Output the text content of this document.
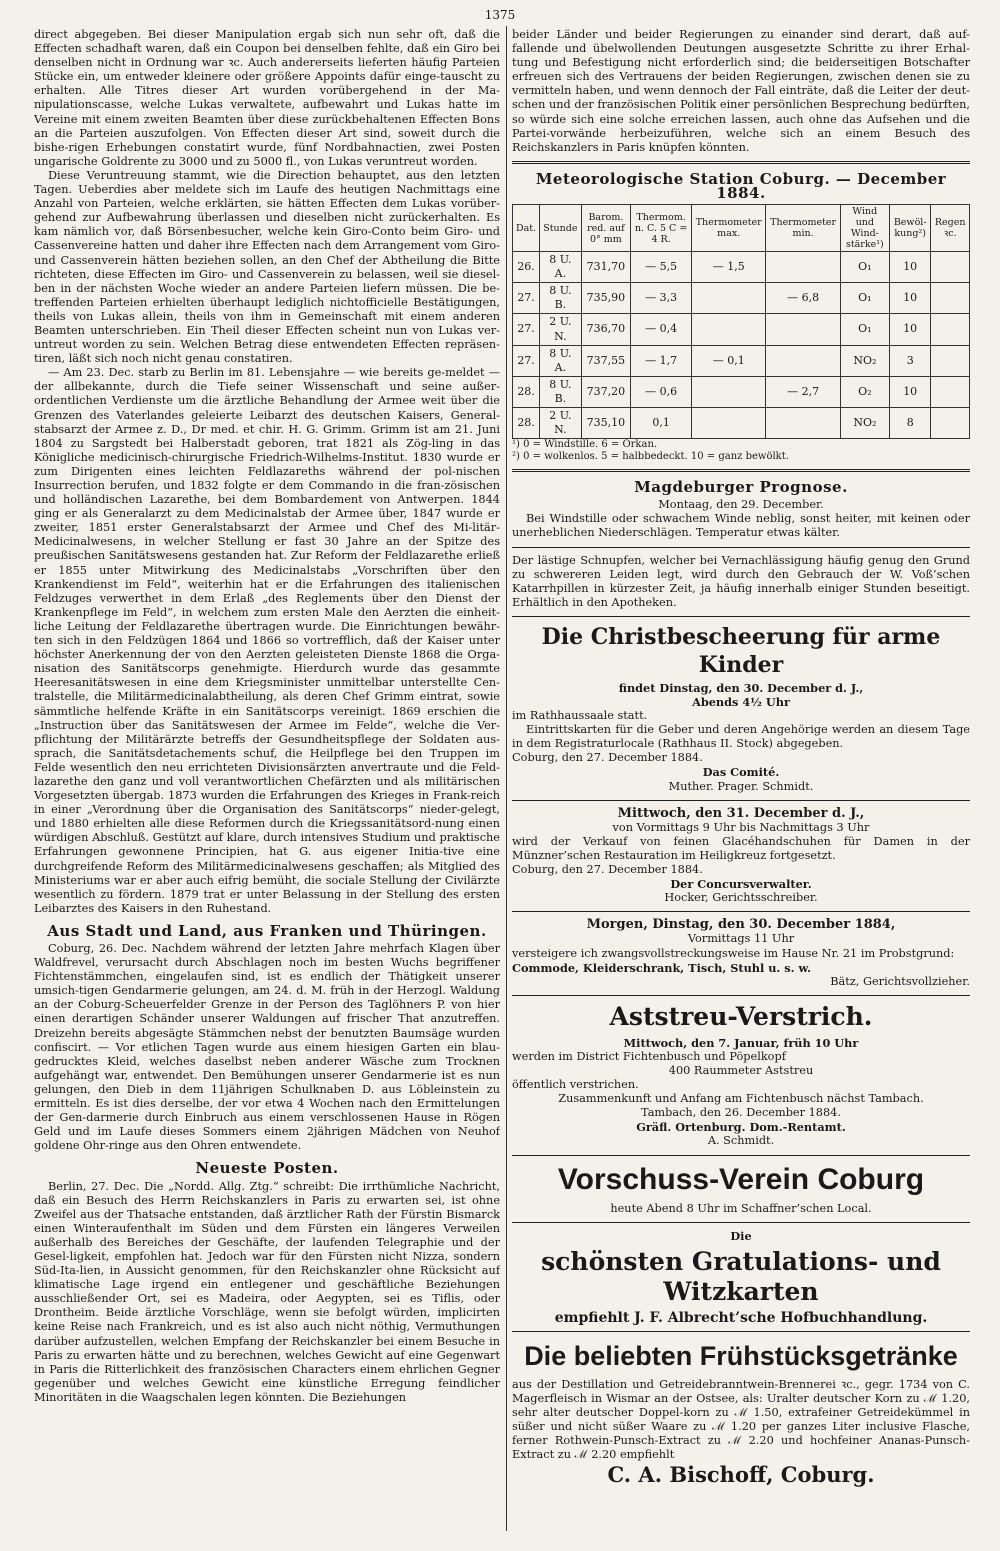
1375

direct abgegeben. Bei dieser Manipulation ergab sich nun sehr oft, daß die Effecten schadhaft waren, daß ein Coupon bei denselben fehlte, daß ein Giro bei denselben nicht in Ordnung war ꝛc. Auch andererseits lieferten häufig Parteien Stücke ein, um entweder kleinere oder größere Appoints dafür einge-tauscht zu erhalten. Alle Titres dieser Art wurden vorübergehend in der Ma-nipulationscasse, welche Lukas verwaltete, aufbewahrt und Lukas hatte im Vereine mit einem zweiten Beamten über diese zurückbehaltenen Effecten Bons an die Parteien auszufolgen. Von Effecten dieser Art sind, soweit durch die bishe-rigen Erhebungen constatirt wurde, fünf Nordbahnactien, zwei Posten ungarische Goldrente zu 3000 und zu 5000 fl., von Lukas veruntreut worden.

Diese Veruntreuung stammt, wie die Direction behauptet, aus den letzten Tagen. Ueberdies aber meldete sich im Laufe des heutigen Nachmittags eine Anzahl von Parteien, welche erklärten, sie hätten Effecten dem Lukas vorüber-gehend zur Aufbewahrung überlassen und dieselben nicht zurückerhalten. Es kam nämlich vor, daß Börsenbesucher, welche kein Giro-Conto beim Giro- und Cassenvereine hatten und daher ihre Effecten nach dem Arrangement vom Giro- und Cassenverein hätten beziehen sollen, an den Chef der Abtheilung die Bitte richteten, diese Effecten im Giro- und Cassenverein zu belassen, weil sie diesel-ben in der nächsten Woche wieder an andere Parteien liefern müssen. Die be-treffenden Parteien erhielten überhaupt lediglich nichtofficielle Bestätigungen, theils von Lukas allein, theils von ihm in Gemeinschaft mit einem anderen Beamten unterschrieben. Ein Theil dieser Effecten scheint nun von Lukas ver-untreut worden zu sein. Welchen Betrag diese entwendeten Effecten repräsen-tiren, läßt sich noch nicht genau constatiren.

— Am 23. Dec. starb zu Berlin im 81. Lebensjahre — wie bereits ge-meldet — der allbekannte, durch die Tiefe seiner Wissenschaft und seine außer-ordentlichen Verdienste um die ärztliche Behandlung der Armee weit über die Grenzen des Vaterlandes geleierte Leibarzt des deutschen Kaisers, General-stabsarzt der Armee z. D., Dr med. et chir. H. G. Grimm. Grimm ist am 21. Juni 1804 zu Sargstedt bei Halberstadt geboren, trat 1821 als Zög-ling in das Königliche medicinisch-chirurgische Friedrich-Wilhelms-Institut. 1830 wurde er zum Dirigenten eines leichten Feldlazareths während der pol-nischen Insurrection berufen, und 1832 folgte er dem Commando in die fran-zösischen und holländischen Lazarethe, bei dem Bombardement von Antwerpen. 1844 ging er als Generalarzt zu dem Medicinalstab der Armee über, 1847 wurde er zweiter, 1851 erster Generalstabsarzt der Armee und Chef des Mi-litär-Medicinalwesens, in welcher Stellung er fast 30 Jahre an der Spitze des preußischen Sanitätswesens gestanden hat. Zur Reform der Feldlazarethe erließ er 1855 unter Mitwirkung des Medicinalstabs „Vorschriften über den Krankendienst im Feld“, weiterhin hat er die Erfahrungen des italienischen Feldzuges verwerthet in dem Erlaß „des Reglements über den Dienst der Krankenpflege im Feld“, in welchem zum ersten Male den Aerzten die einheit-liche Leitung der Feldlazarethe übertragen wurde. Die Einrichtungen bewähr-ten sich in den Feldzügen 1864 und 1866 so vortrefflich, daß der Kaiser unter höchster Anerkennung der von den Aerzten geleisteten Dienste 1868 die Orga-nisation des Sanitätscorps genehmigte. Hierdurch wurde das gesammte Heeresanitätswesen in eine dem Kriegsminister unmittelbar unterstellte Cen-tralstelle, die Militärmedicinalabtheilung, als deren Chef Grimm eintrat, sowie sämmtliche helfende Kräfte in ein Sanitätscorps vereinigt. 1869 erschien die „Instruction über das Sanitätswesen der Armee im Felde“, welche die Ver-pflichtung der Militärärzte betreffs der Gesundheitspflege der Soldaten aus-sprach, die Sanitätsdetachements schuf, die Heilpflege bei den Truppen im Felde wesentlich den neu errichteten Divisionsärzten anvertraute und die Feld-lazarethe den ganz und voll verantwortlichen Chefärzten und als militärischen Vorgesetzten übergab. 1873 wurden die Erfahrungen des Krieges in Frank-reich in einer „Verordnung über die Organisation des Sanitätscorps“ nieder-gelegt, und 1880 erhielten alle diese Reformen durch die Kriegssanitätsord-nung einen würdigen Abschluß. Gestützt auf klare, durch intensives Studium und praktische Erfahrungen gewonnene Principien, hat G. aus eigener Initia-tive eine durchgreifende Reform des Militärmedicinalwesens geschaffen; als Mitglied des Ministeriums war er aber auch eifrig bemüht, die sociale Stellung der Civilärzte wesentlich zu fördern. 1879 trat er unter Belassung in der Stellung des ersten Leibarztes des Kaisers in den Ruhestand.

Aus Stadt und Land, aus Franken und Thüringen.

Coburg, 26. Dec. Nachdem während der letzten Jahre mehrfach Klagen über Waldfrevel, verursacht durch Abschlagen noch im besten Wuchs begriffener Fichtenstämmchen, eingelaufen sind, ist es endlich der Thätigkeit unserer umsich-tigen Gendarmerie gelungen, am 24. d. M. früh in der Herzogl. Waldung an der Coburg-Scheuerfelder Grenze in der Person des Taglöhners P. von hier einen derartigen Schänder unserer Waldungen auf frischer That anzutreffen. Dreizehn bereits abgesägte Stämmchen nebst der benutzten Baumsäge wurden confiscirt. — Vor etlichen Tagen wurde aus einem hiesigen Garten ein blau-gedrucktes Kleid, welches daselbst neben anderer Wäsche zum Trocknen aufgehängt war, entwendet. Den Bemühungen unserer Gendarmerie ist es nun gelungen, den Dieb in dem 11jährigen Schulknaben D. aus Löbleinstein zu ermitteln. Es ist dies derselbe, der vor etwa 4 Wochen nach den Ermittelungen der Gen-darmerie durch Einbruch aus einem verschlossenen Hause in Rögen Geld und im Laufe dieses Sommers einem 2jährigen Mädchen von Neuhof goldene Ohr-ringe aus den Ohren entwendete.

Neueste Posten.

Berlin, 27. Dec. Die „Nordd. Allg. Ztg.“ schreibt: Die irrthümliche Nachricht, daß ein Besuch des Herrn Reichskanzlers in Paris zu erwarten sei, ist ohne Zweifel aus der Thatsache entstanden, daß ärztlicher Rath der Fürstin Bismarck einen Winteraufenthalt im Süden und dem Fürsten ein längeres Verweilen außerhalb des Bereiches der Geschäfte, der laufenden Telegraphie und der Gesel-ligkeit, empfohlen hat. Jedoch war für den Fürsten nicht Nizza, sondern Süd-Ita-lien, in Aussicht genommen, für den Reichskanzler ohne Rücksicht auf klimatische Lage irgend ein entlegener und geschäftliche Beziehungen ausschließender Ort, sei es Madeira, oder Aegypten, sei es Tiflis, oder Drontheim. Beide ärztliche Vorschläge, wenn sie befolgt würden, implicirten keine Reise nach Frankreich, und es ist also auch nicht nöthig, Vermuthungen darüber aufzustellen, welchen Empfang der Reichskanzler bei einem Besuche in Paris zu erwarten hätte und zu berechnen, welches Gewicht auf eine Gegenwart in Paris die Ritterlichkeit des französischen Characters einem ehrlichen Gegner gegenüber und welches Gewicht eine künstliche Erregung feindlicher Minoritäten in die Waagschalen legen könnten. Die Beziehungen

beider Länder und beider Regierungen zu einander sind derart, daß auf-fallende und übelwollenden Deutungen ausgesetzte Schritte zu ihrer Erhal-tung und Befestigung nicht erforderlich sind; die beiderseitigen Botschafter erfreuen sich des Vertrauens der beiden Regierungen, zwischen denen sie zu vermitteln haben, und wenn dennoch der Fall einträte, daß die Leiter der deut-schen und der französischen Politik einer persönlichen Besprechung bedürften, so würde sich eine solche erreichen lassen, auch ohne das Aufsehen und die Partei-vorwände herbeizuführen, welche sich an einem Besuch des Reichskanzlers in Paris knüpfen könnten.

Meteorologische Station Coburg. — December 1884.
Dat.	Stunde	Barom. red. auf 0° mm	Thermom. n. C. 5 C = 4 R.	Thermometer max.	Thermometer min.	Wind und Wind-stärke¹)	Bewöl-kung²)	Regen ꝛc.
26.	8 U. A.	731,70	— 5,5	— 1,5		O₁	10	
27.	8 U. B.	735,90	— 3,3		— 6,8	O₁	10	
27.	2 U. N.	736,70	— 0,4			O₁	10	
27.	8 U. A.	737,55	— 1,7	— 0,1		NO₂	3	
28.	8 U. B.	737,20	— 0,6		— 2,7	O₂	10	
28.	2 U. N.	735,10	0,1			NO₂	8	
¹) 0 = Windstille. 6 = Orkan.
²) 0 = wolkenlos. 5 = halbbedeckt. 10 = ganz bewölkt.
Magdeburger Prognose.
Montaag, den 29. December.

Bei Windstille oder schwachem Winde neblig, sonst heiter, mit keinen oder unerheblichen Niederschlägen. Temperatur etwas kälter.

Der lästige Schnupfen, welcher bei Vernachlässigung häufig genug den Grund zu schwereren Leiden legt, wird durch den Gebrauch der W. Voß’schen Katarrhpillen in kürzester Zeit, ja häufig innerhalb einiger Stunden beseitigt. Erhältlich in den Apotheken.

Die Christbescheerung für arme Kinder
findet Dinstag, den 30. December d. J.,
Abends 4½ Uhr
im Rathhaussaale statt.

Eintrittskarten für die Geber und deren Angehörige werden an diesem Tage in dem Registraturlocale (Rathhaus II. Stock) abgegeben.

Coburg, den 27. December 1884.
Das Comité.
Muther. Prager. Schmidt.
Mittwoch, den 31. December d. J.,
von Vormittags 9 Uhr bis Nachmittags 3 Uhr

wird der Verkauf von feinen Glacéhandschuhen für Damen in der Münzner’schen Restauration im Heiligkreuz fortgesetzt.

Coburg, den 27. December 1884.
Der Concursverwalter.
Hocker, Gerichtsschreiber.
Morgen, Dinstag, den 30. December 1884,
Vormittags 11 Uhr

versteigere ich zwangsvollstreckungsweise im Hause Nr. 21 im Probstgrund:

Commode, Kleiderschrank, Tisch, Stuhl u. s. w.
Bätz, Gerichtsvollzieher.
Aststreu-Verstrich.
Mittwoch, den 7. Januar, früh 10 Uhr
werden im District Fichtenbusch und Pöpelkopf
400 Raummeter Aststreu
öffentlich verstrichen.
Zusammenkunft und Anfang am Fichtenbusch nächst Tambach.
Tambach, den 26. December 1884.
Gräfl. Ortenburg. Dom.-Rentamt.
A. Schmidt.
Vorschuss-Verein Coburg
heute Abend 8 Uhr im Schaffner’schen Local.
Die
schönsten Gratulations- und Witzkarten
empfiehlt J. F. Albrecht’sche Hofbuchhandlung.
Die beliebten Frühstücksgetränke

aus der Destillation und Getreidebranntwein-Brennerei ꝛc., gegr. 1734 von C. Magerfleisch in Wismar an der Ostsee, als: Uralter deutscher Korn zu ℳ 1.20, sehr alter deutscher Doppel-korn zu ℳ 1.50, extrafeiner Getreidekümmel in süßer und nicht süßer Waare zu ℳ 1.20 per ganzes Liter inclusive Flasche, ferner Rothwein-Punsch-Extract zu ℳ 2.20 und hochfeiner Ananas-Punsch-Extract zu ℳ 2.20 empfiehlt

C. A. Bischoff, Coburg.
